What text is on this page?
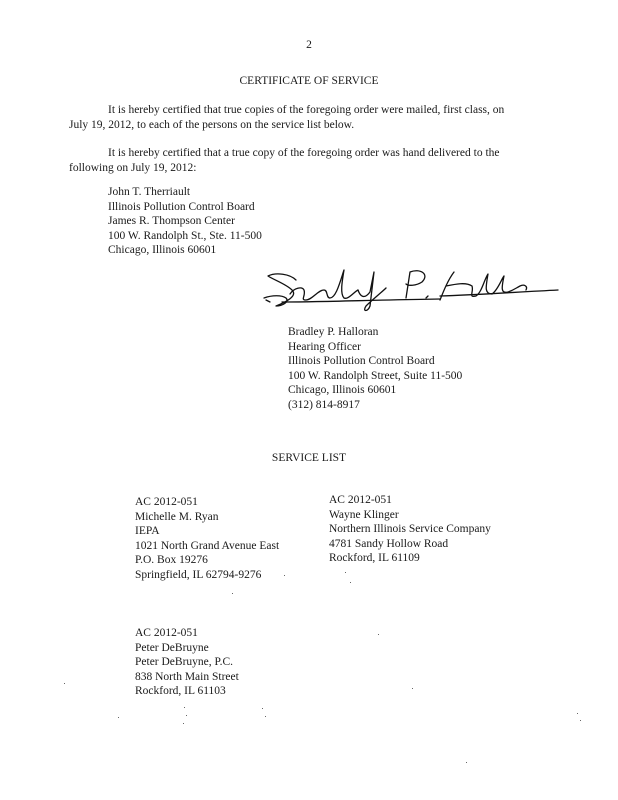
2
CERTIFICATE OF SERVICE
It is hereby certified that true copies of the foregoing order were mailed, first class, on
July 19, 2012, to each of the persons on the service list below.
It is hereby certified that a true copy of the foregoing order was hand delivered to the
following on July 19, 2012:
John T. Therriault
Illinois Pollution Control Board
James R. Thompson Center
100 W. Randolph St., Ste. 11-500
Chicago, Illinois 60601
Bradley P. Halloran
Hearing Officer
Illinois Pollution Control Board
100 W. Randolph Street, Suite 11-500
Chicago, Illinois 60601
(312) 814-8917
SERVICE LIST
AC 2012-051
Michelle M. Ryan
IEPA
1021 North Grand Avenue East
P.O. Box 19276
Springfield, IL 62794-9276
AC 2012-051
Wayne Klinger
Northern Illinois Service Company
4781 Sandy Hollow Road
Rockford, IL 61109
AC 2012-051
Peter DeBruyne
Peter DeBruyne, P.C.
838 North Main Street
Rockford, IL 61103
